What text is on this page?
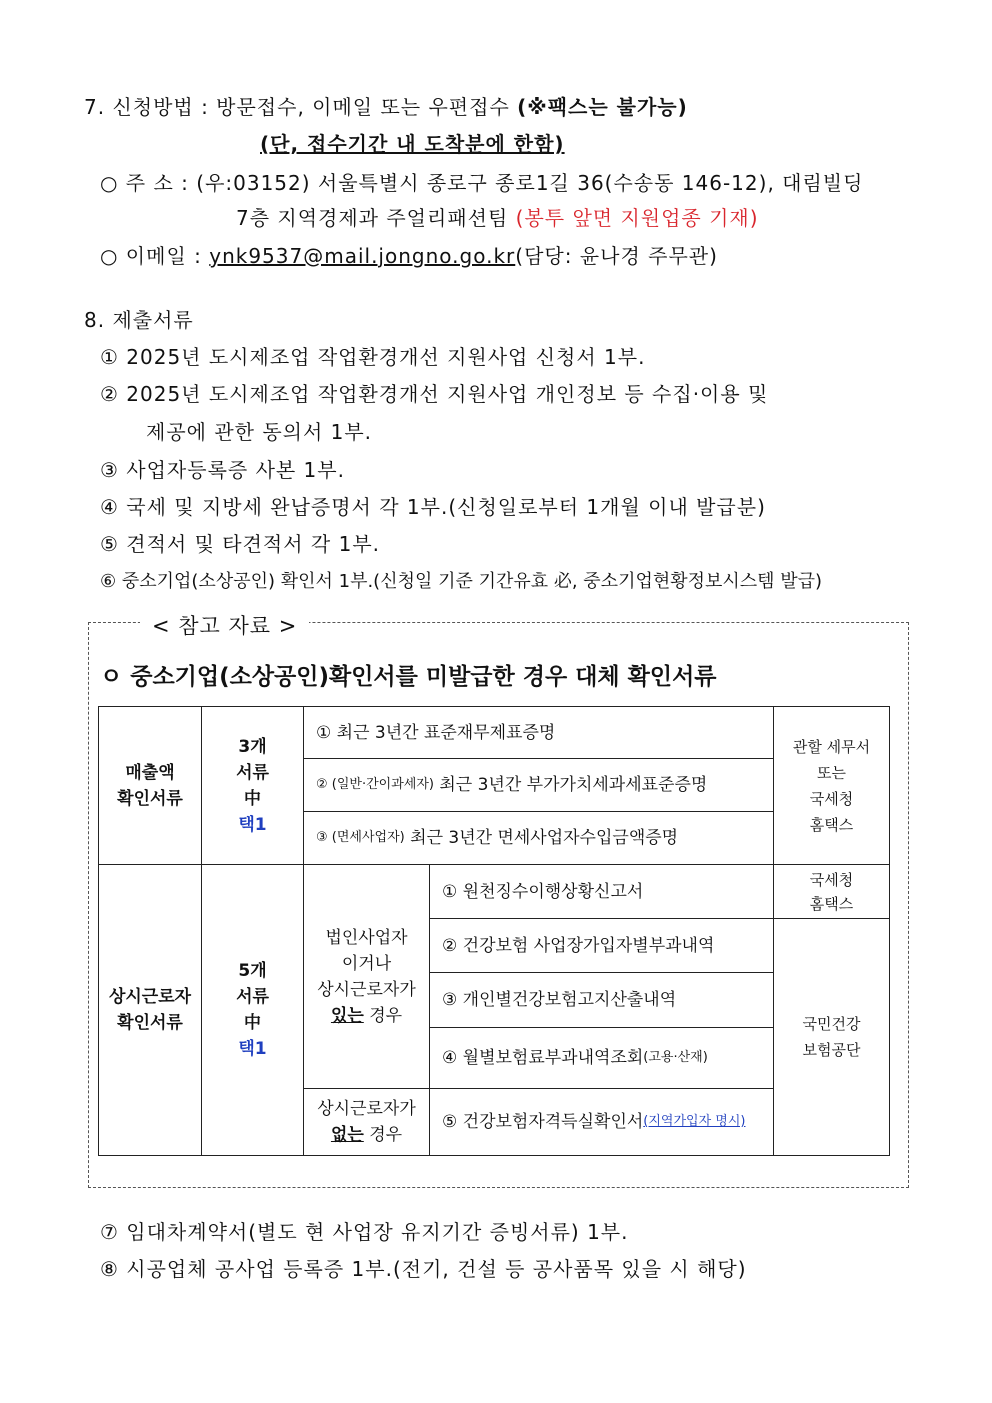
7. 신청방법 : 방문접수, 이메일 또는 우편접수 (※팩스는 불가능)
(단, 접수기간 내 도착분에 한함)
○ 주 소 : (우:03152) 서울특별시 종로구 종로1길 36(수송동 146-12), 대림빌딩
7층 지역경제과 주얼리패션팀 (봉투 앞면 지원업종 기재)
○ 이메일 : ynk9537@mail.jongno.go.kr(담당: 윤나경 주무관)
8. 제출서류
① 2025년 도시제조업 작업환경개선 지원사업 신청서 1부.
② 2025년 도시제조업 작업환경개선 지원사업 개인정보 등 수집·이용 및
제공에 관한 동의서 1부.
③ 사업자등록증 사본 1부.
④ 국세 및 지방세 완납증명서 각 1부.(신청일로부터 1개월 이내 발급분)
⑤ 견적서 및 타견적서 각 1부.
⑥ 중소기업(소상공인) 확인서 1부.(신청일 기준 기간유효 必, 중소기업현황정보시스템 발급)
< 참고 자료 >
ㅇ 중소기업(소상공인)확인서를 미발급한 경우 대체 확인서류
매출액
확인서류
3개
서류
中
택1
① 최근 3년간 표준재무제표증명
② (일반·간이과세자)
최근 3년간 부가가치세과세표준증명
③ (면세사업자)
최근 3년간 면세사업자수입금액증명
관할 세무서
또는
국세청
홈택스
상시근로자
확인서류
5개
서류
中
택1
법인사업자
이거나
상시근로자가
있는 경우
상시근로자가
없는 경우
① 원천징수이행상황신고서
② 건강보험 사업장가입자별부과내역
③ 개인별건강보험고지산출내역
④ 월별보험료부과내역조회 (고용·산재)
⑤ 건강보험자격득실확인서 (지역가입자 명시)
국세청
홈택스
국민건강
보험공단
⑦ 임대차계약서(별도 현 사업장 유지기간 증빙서류) 1부.
⑧ 시공업체 공사업 등록증 1부.(전기, 건설 등 공사품목 있을 시 해당)
